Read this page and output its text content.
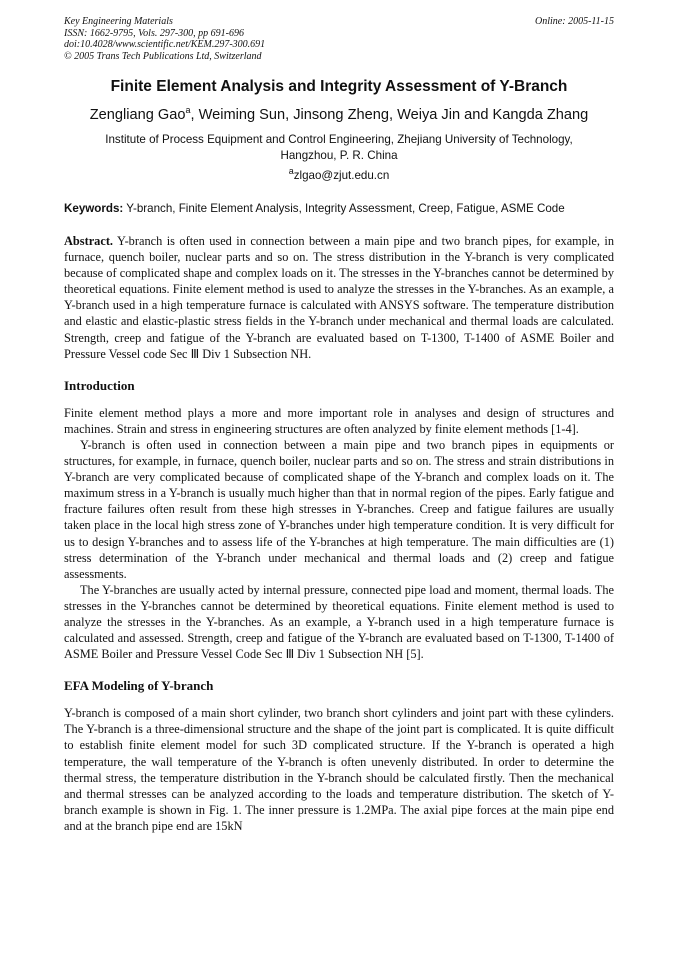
Key Engineering Materials
ISSN: 1662-9795, Vols. 297-300, pp 691-696
doi:10.4028/www.scientific.net/KEM.297-300.691
© 2005 Trans Tech Publications Ltd, Switzerland
Online: 2005-11-15
Finite Element Analysis and Integrity Assessment of Y-Branch
Zengliang Gao$^a$, Weiming Sun, Jinsong Zheng, Weiya Jin and Kangda Zhang
Institute of Process Equipment and Control Engineering, Zhejiang University of Technology,
Hangzhou, P. R. China
$^a$zlgao@zjut.edu.cn
Keywords: Y-branch, Finite Element Analysis, Integrity Assessment, Creep, Fatigue, ASME Code

Abstract. Y-branch is often used in connection between a main pipe and two branch pipes, for example, in furnace, quench boiler, nuclear parts and so on. The stress distribution in the Y-branch is very complicated because of complicated shape and complex loads on it. The stresses in the Y-branches cannot be determined by theoretical equations. Finite element method is used to analyze the stresses in the Y-branches. As an example, a Y-branch used in a high temperature furnace is calculated with ANSYS software. The temperature distribution and elastic and elastic-plastic stress fields in the Y-branch under mechanical and thermal loads are calculated. Strength, creep and fatigue of the Y-branch are evaluated based on T-1300, T-1400 of ASME Boiler and Pressure Vessel code Sec Ⅲ Div 1 Subsection NH.

Introduction

Finite element method plays a more and more important role in analyses and design of structures and machines. Strain and stress in engineering structures are often analyzed by finite element methods [1-4].

Y-branch is often used in connection between a main pipe and two branch pipes in equipments or structures, for example, in furnace, quench boiler, nuclear parts and so on. The stress and strain distributions in Y-branch are very complicated because of complicated shape of the Y-branch and complex loads on it. The maximum stress in a Y-branch is usually much higher than that in normal region of the pipes. Early fatigue and fracture failures often result from these high stresses in Y-branches. Creep and fatigue failures are usually taken place in the local high stress zone of Y-branches under high temperature condition. It is very difficult for us to design Y-branches and to assess life of the Y-branches at high temperature. The main difficulties are (1) stress determination of the Y-branch under mechanical and thermal loads and (2) creep and fatigue assessments.

The Y-branches are usually acted by internal pressure, connected pipe load and moment, thermal loads. The stresses in the Y-branches cannot be determined by theoretical equations. Finite element method is used to analyze the stresses in the Y-branches. As an example, a Y-branch used in a high temperature furnace is calculated and assessed. Strength, creep and fatigue of the Y-branch are evaluated based on T-1300, T-1400 of ASME Boiler and Pressure Vessel Code Sec Ⅲ Div 1 Subsection NH [5].

EFA Modeling of Y-branch

Y-branch is composed of a main short cylinder, two branch short cylinders and joint part with these cylinders. The Y-branch is a three-dimensional structure and the shape of the joint part is complicated. It is quite difficult to establish finite element model for such 3D complicated structure. If the Y-branch is operated a high temperature, the wall temperature of the Y-branch is often unevenly distributed. In order to determine the thermal stress, the temperature distribution in the Y-branch should be calculated firstly. Then the mechanical and thermal stresses can be analyzed according to the loads and temperature distribution. The sketch of Y-branch example is shown in Fig. 1. The inner pressure is 1.2MPa. The axial pipe forces at the main pipe end and at the branch pipe end are 15kN
